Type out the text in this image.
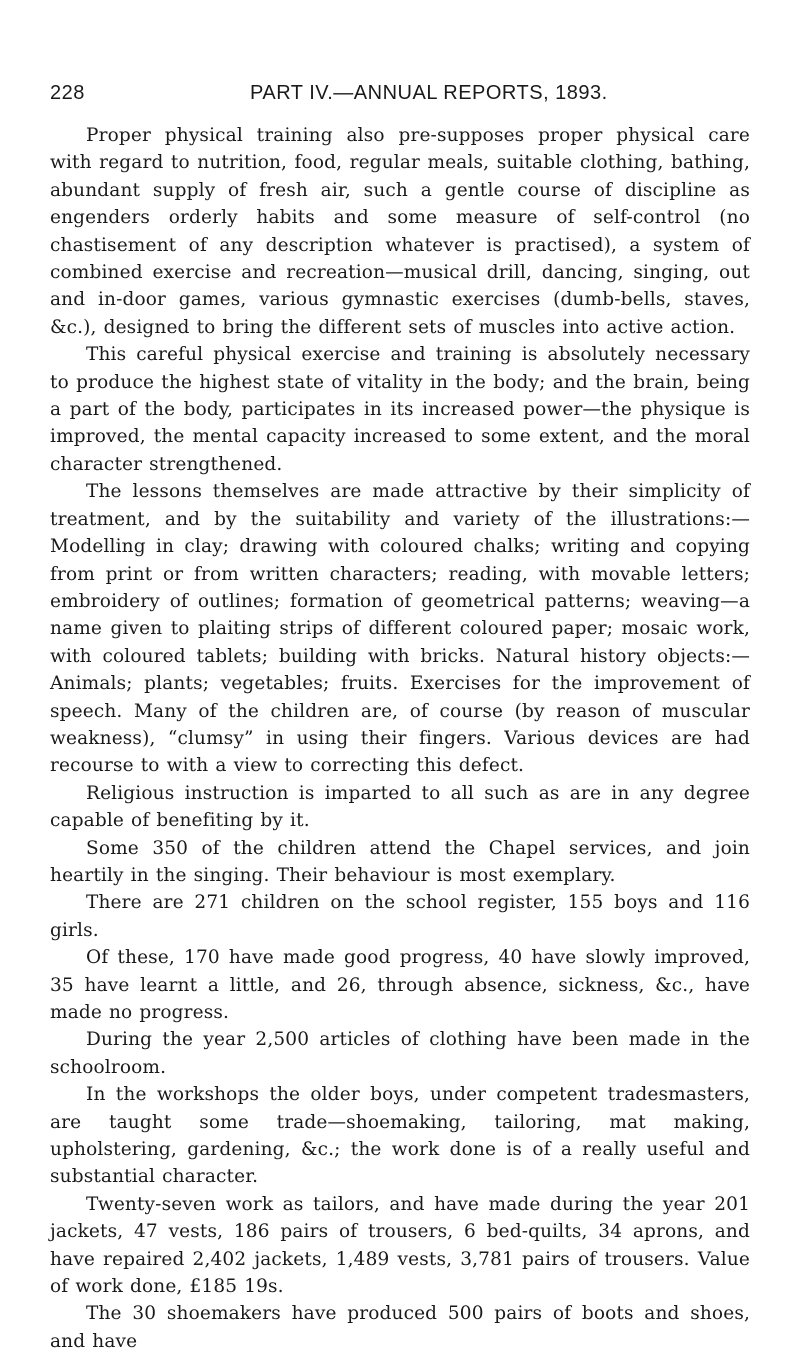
228	PART IV.—ANNUAL REPORTS, 1893.

Proper physical training also pre-supposes proper physical care with regard to nutrition, food, regular meals, suitable clothing, bathing, abundant supply of fresh air, such a gentle course of discipline as engenders orderly habits and some measure of self-control (no chastisement of any description whatever is practised), a system of combined exercise and recreation—musical drill, dancing, singing, out and in-door games, various gymnastic exercises (dumb-bells, staves, &c.), designed to bring the different sets of muscles into active action.

This careful physical exercise and training is absolutely necessary to produce the highest state of vitality in the body; and the brain, being a part of the body, participates in its increased power—the physique is improved, the mental capacity increased to some extent, and the moral character strengthened.

The lessons themselves are made attractive by their simplicity of treatment, and by the suitability and variety of the illustrations:—Modelling in clay; drawing with coloured chalks; writing and copying from print or from written characters; reading, with movable letters; embroidery of outlines; formation of geometrical patterns; weaving—a name given to plaiting strips of different coloured paper; mosaic work, with coloured tablets; building with bricks. Natural history objects:—Animals; plants; vegetables; fruits. Exercises for the improvement of speech. Many of the children are, of course (by reason of muscular weakness), “clumsy” in using their fingers. Various devices are had recourse to with a view to correcting this defect.

Religious instruction is imparted to all such as are in any degree capable of benefiting by it.

Some 350 of the children attend the Chapel services, and join heartily in the singing. Their behaviour is most exemplary.

There are 271 children on the school register, 155 boys and 116 girls.

Of these, 170 have made good progress, 40 have slowly improved, 35 have learnt a little, and 26, through absence, sickness, &c., have made no progress.

During the year 2,500 articles of clothing have been made in the schoolroom.

In the workshops the older boys, under competent tradesmasters, are taught some trade—shoemaking, tailoring, mat making, upholstering, gardening, &c.; the work done is of a really useful and substantial character.

Twenty-seven work as tailors, and have made during the year 201 jackets, 47 vests, 186 pairs of trousers, 6 bed-quilts, 34 aprons, and have repaired 2,402 jackets, 1,489 vests, 3,781 pairs of trousers. Value of work done, £185 19s.

The 30 shoemakers have produced 500 pairs of boots and shoes, and have
